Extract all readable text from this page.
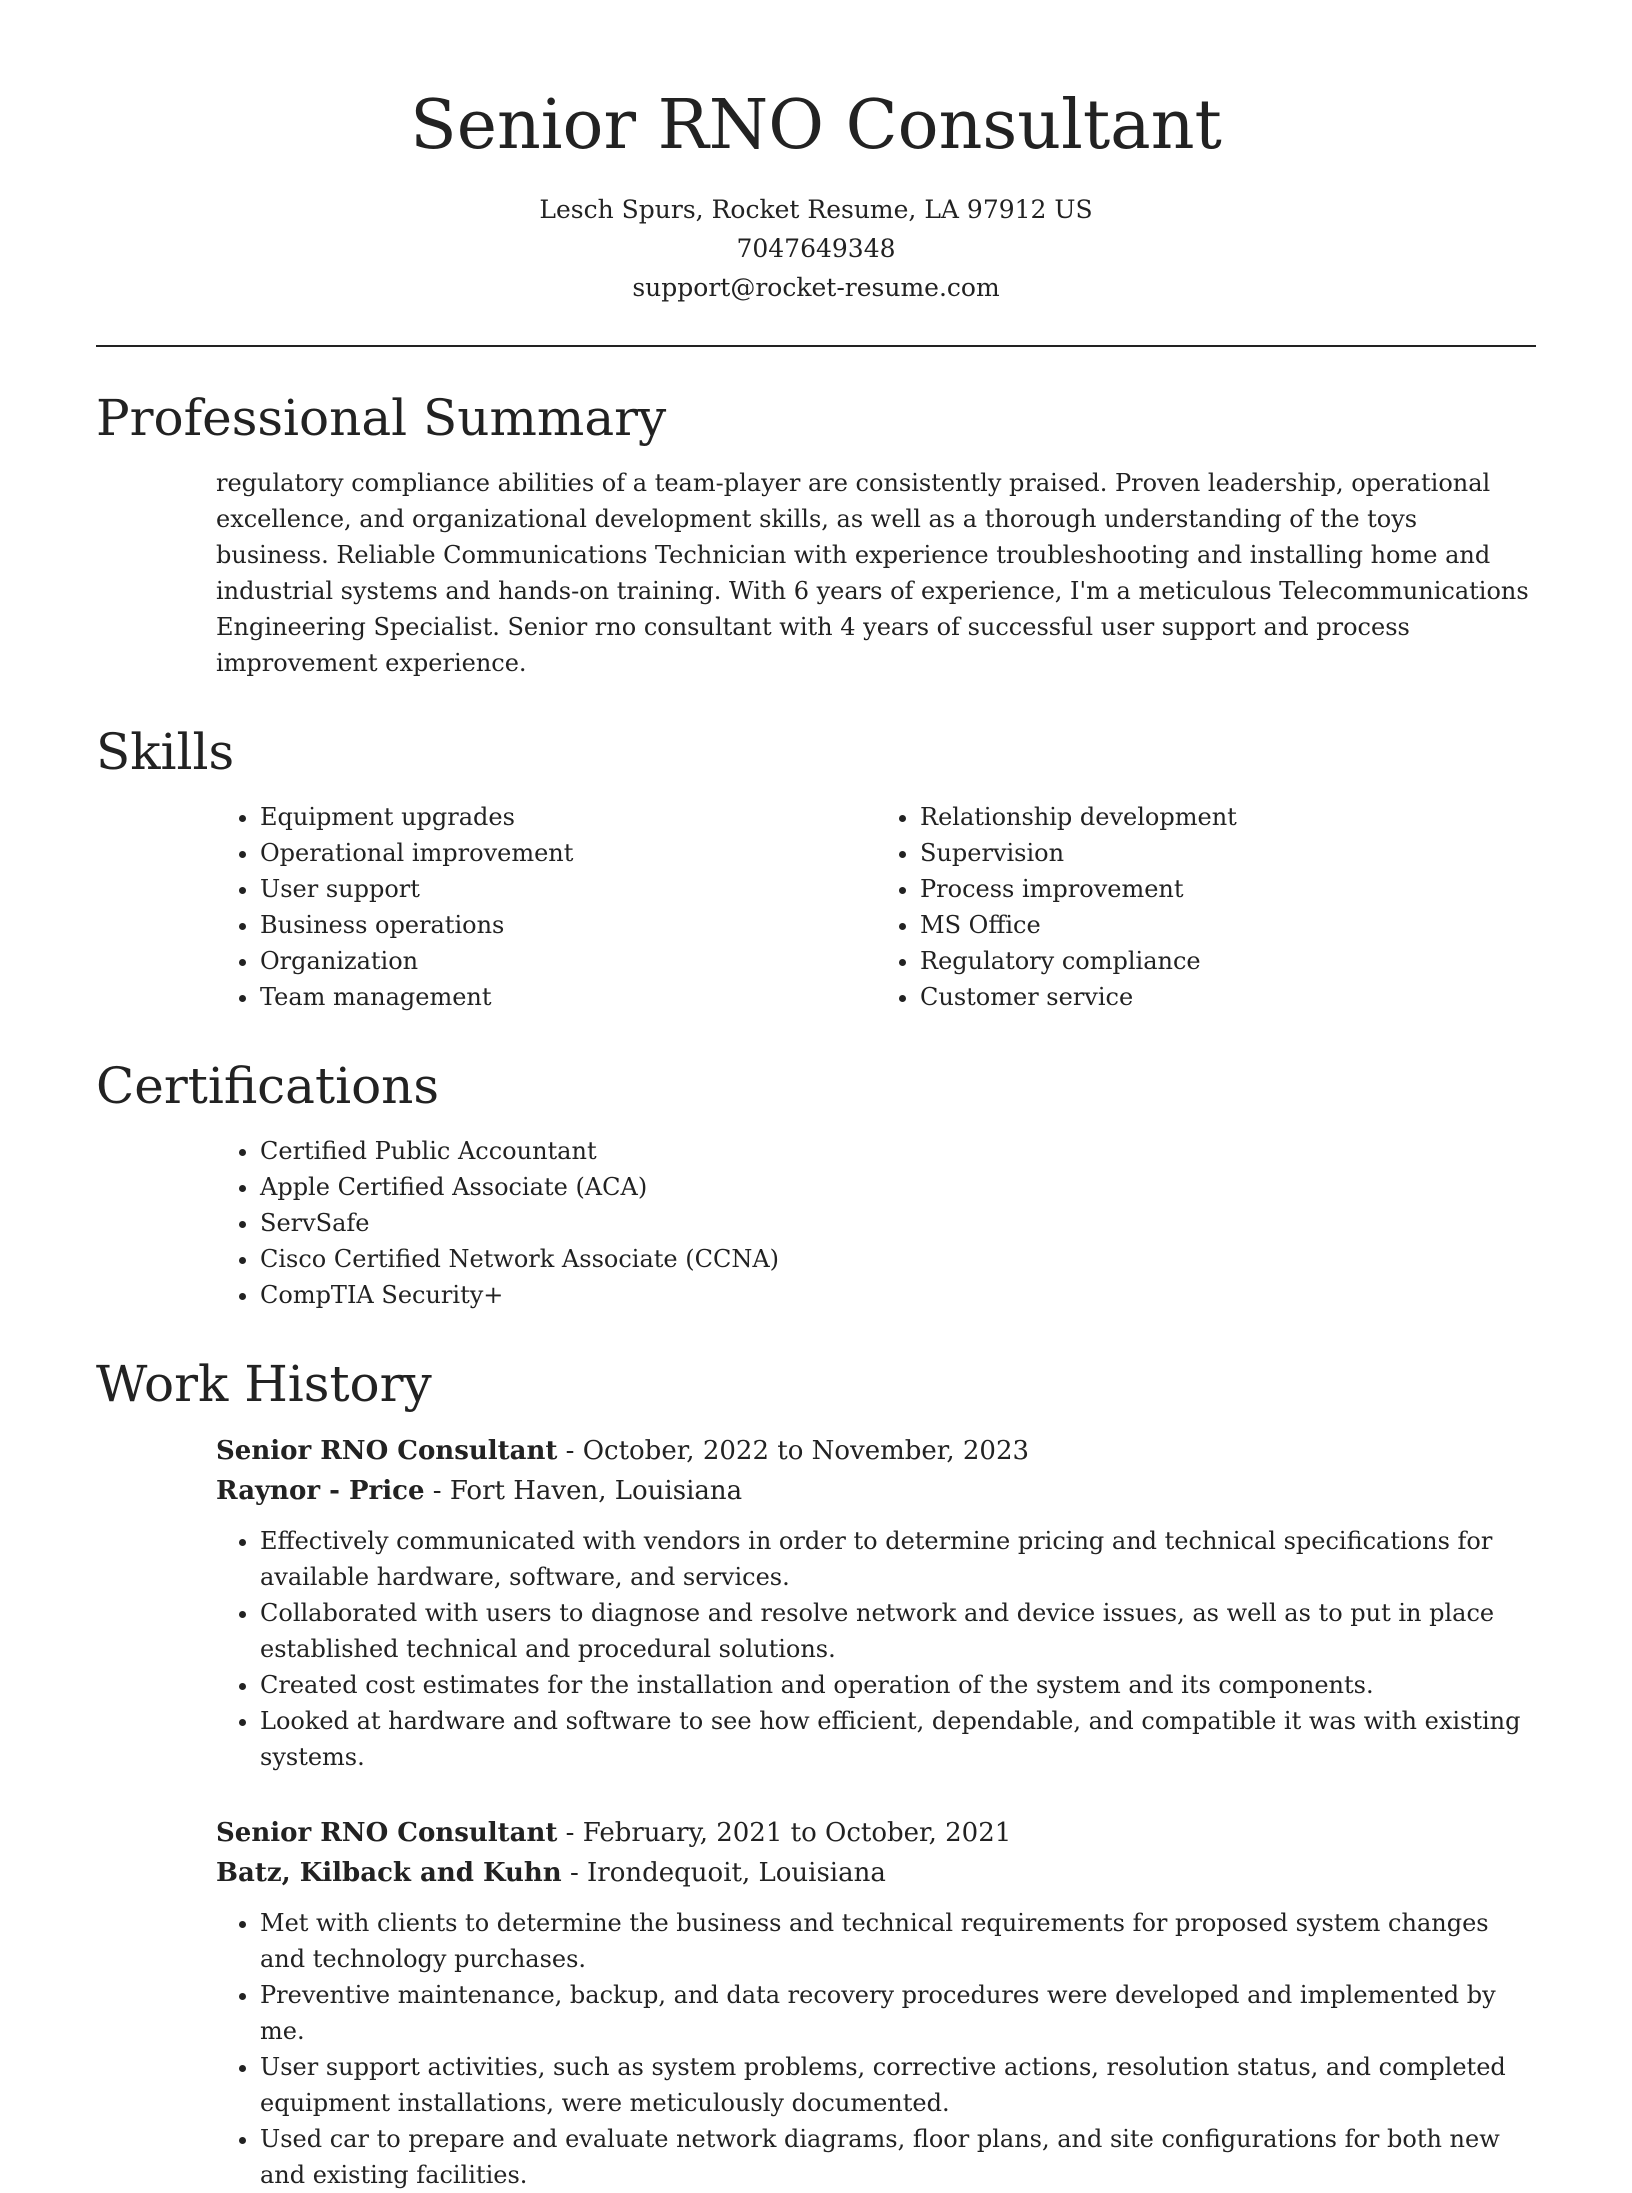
Senior RNO Consultant
Lesch Spurs, Rocket Resume, LA 97912 US
7047649348
support@rocket-resume.com
Professional Summary

regulatory compliance abilities of a team-player are consistently praised. Proven leadership, operational excellence, and organizational development skills, as well as a thorough understanding of the toys business. Reliable Communications Technician with experience troubleshooting and installing home and industrial systems and hands-on training. With 6 years of experience, I'm a meticulous Telecommunications Engineering Specialist. Senior rno consultant with 4 years of successful user support and process improvement experience.

Skills
• Equipment upgrades
• Operational improvement
• User support
• Business operations
• Organization
• Team management
• Relationship development
• Supervision
• Process improvement
• MS Office
• Regulatory compliance
• Customer service
Certifications
• Certified Public Accountant
• Apple Certified Associate (ACA)
• ServSafe
• Cisco Certified Network Associate (CCNA)
• CompTIA Security+
Work History
Senior RNO Consultant - October, 2022 to November, 2023
Raynor - Price - Fort Haven, Louisiana
• Effectively communicated with vendors in order to determine pricing and technical specifications for available hardware, software, and services.
• Collaborated with users to diagnose and resolve network and device issues, as well as to put in place established technical and procedural solutions.
• Created cost estimates for the installation and operation of the system and its components.
• Looked at hardware and software to see how efficient, dependable, and compatible it was with existing systems.
Senior RNO Consultant - February, 2021 to October, 2021
Batz, Kilback and Kuhn - Irondequoit, Louisiana
• Met with clients to determine the business and technical requirements for proposed system changes and technology purchases.
• Preventive maintenance, backup, and data recovery procedures were developed and implemented by me.
• User support activities, such as system problems, corrective actions, resolution status, and completed equipment installations, were meticulously documented.
• Used car to prepare and evaluate network diagrams, floor plans, and site configurations for both new and existing facilities.
